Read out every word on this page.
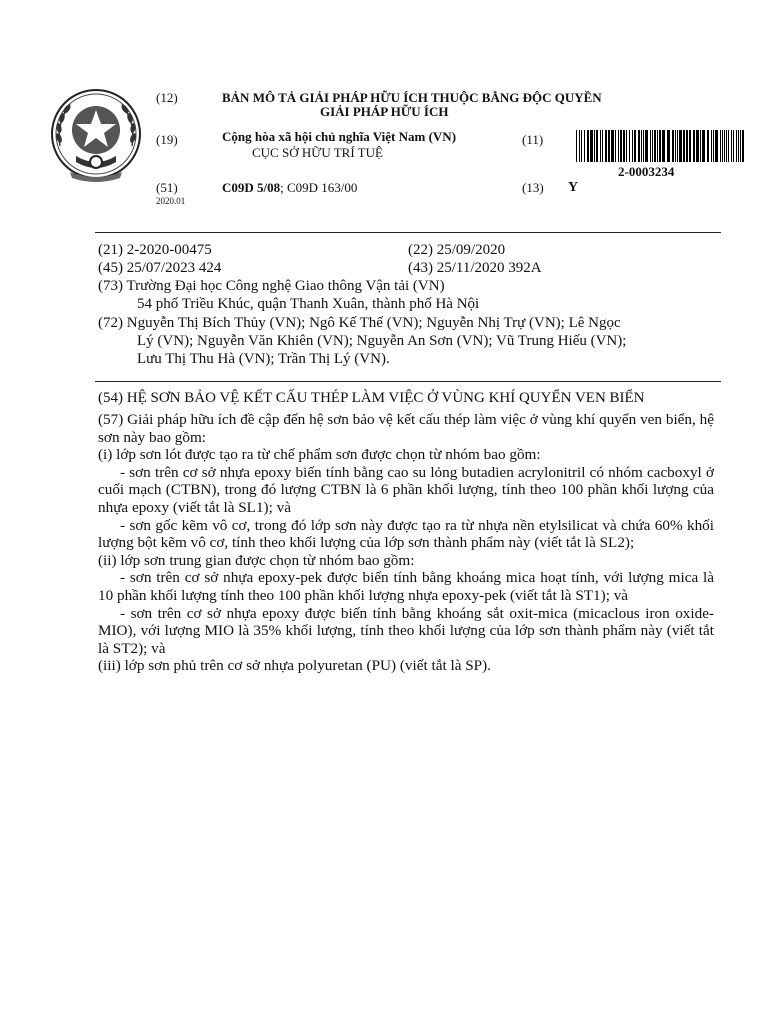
(12)	BẢN MÔ TẢ GIẢI PHÁP HỮU ÍCH THUỘC BẰNG ĐỘC QUYỀN
GIẢI PHÁP HỮU ÍCH
(19)	Cộng hòa xã hội chủ nghĩa Việt Nam (VN)
CỤC SỞ HỮU TRÍ TUỆ
(11)
2-0003234
(51)
2020.01
C09D 5/08; C09D 163/00	(13) Y
(21) 2-2020-00475	(22) 25/09/2020
(45) 25/07/2023 424	(43) 25/11/2020 392A
(73) Trường Đại học Công nghệ Giao thông Vận tải (VN)
54 phố Triều Khúc, quận Thanh Xuân, thành phố Hà Nội
(72) Nguyễn Thị Bích Thủy (VN); Ngô Kế Thế (VN); Nguyễn Nhị Trự (VN); Lê Ngọc
Lý (VN); Nguyễn Văn Khiên (VN); Nguyễn An Sơn (VN); Vũ Trung Hiếu (VN);
Lưu Thị Thu Hà (VN); Trần Thị Lý (VN).
(54) HỆ SƠN BẢO VỆ KẾT CẤU THÉP LÀM VIỆC Ở VÙNG KHÍ QUYỂN VEN BIỂN

(57) Giải pháp hữu ích đề cập đến hệ sơn bảo vệ kết cấu thép làm việc ở vùng khí quyển ven biển, hệ sơn này bao gồm:

(i) lớp sơn lót được tạo ra từ chế phẩm sơn được chọn từ nhóm bao gồm:

- sơn trên cơ sở nhựa epoxy biến tính bằng cao su lỏng butadien acrylonitril có nhóm cacboxyl ở cuối mạch (CTBN), trong đó lượng CTBN là 6 phần khối lượng, tính theo 100 phần khối lượng của nhựa epoxy (viết tắt là SL1); và

- sơn gốc kẽm vô cơ, trong đó lớp sơn này được tạo ra từ nhựa nền etylsilicat và chứa 60% khối lượng bột kẽm vô cơ, tính theo khối lượng của lớp sơn thành phẩm này (viết tắt là SL2);

(ii) lớp sơn trung gian được chọn từ nhóm bao gồm:

- sơn trên cơ sở nhựa epoxy-pek được biến tính bằng khoáng mica hoạt tính, với lượng mica là 10 phần khối lượng tính theo 100 phần khối lượng nhựa epoxy-pek (viết tắt là ST1); và

- sơn trên cơ sở nhựa epoxy được biến tính bằng khoáng sắt oxit-mica (micaclous iron oxide-MIO), với lượng MIO là 35% khối lượng, tính theo khối lượng của lớp sơn thành phẩm này (viết tắt là ST2); và

(iii) lớp sơn phủ trên cơ sở nhựa polyuretan (PU) (viết tắt là SP).
